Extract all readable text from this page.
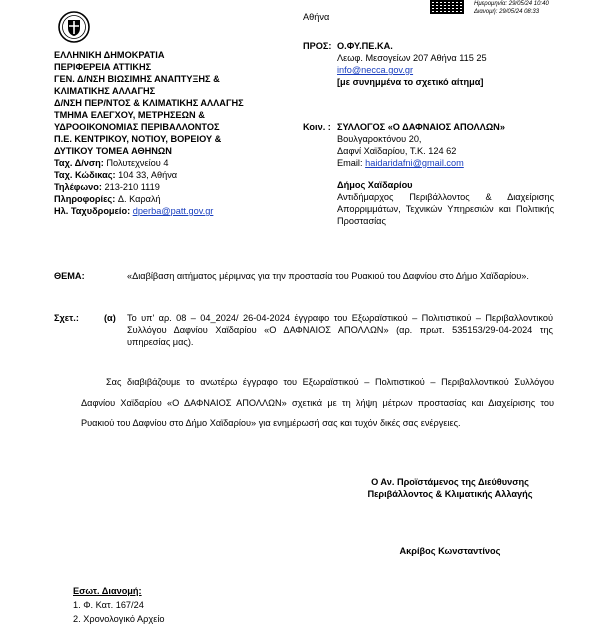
Ημερομηνία: 29/05/24 10:40
Διανομή: 29/05/24 08:33
Αθήνα
ΕΛΛΗΝΙΚΗ ΔΗΜΟΚΡΑΤΙΑ
ΠΕΡΙΦΕΡΕΙΑ ΑΤΤΙΚΗΣ
ΓΕΝ. Δ/ΝΣΗ ΒΙΩΣΙΜΗΣ ΑΝΑΠΤΥΞΗΣ &
ΚΛΙΜΑΤΙΚΗΣ ΑΛΛΑΓΗΣ
Δ/ΝΣΗ ΠΕΡ/ΝΤΟΣ & ΚΛΙΜΑΤΙΚΗΣ ΑΛΛΑΓΗΣ
ΤΜΗΜΑ ΕΛΕΓΧΟΥ, ΜΕΤΡΗΣΕΩΝ &
ΥΔΡΟΟΙΚΟΝΟΜΙΑΣ ΠΕΡΙΒΑΛΛΟΝΤΟΣ
Π.Ε. ΚΕΝΤΡΙΚΟΥ, ΝΟΤΙΟΥ, ΒΟΡΕΙΟΥ &
ΔΥΤΙΚΟΥ ΤΟΜΕΑ ΑΘΗΝΩΝ
Ταχ. Δ/νση: Πολυτεχνείου 4
Ταχ. Κώδικας: 104 33, Αθήνα
Τηλέφωνο: 213-210 1119
Πληροφορίες: Δ. Καραλή
Ηλ. Ταχυδρομείο: dperba@patt.gov.gr
ΠΡΟΣ: Ο.ΦΥ.ΠΕ.ΚΑ.
Λεωφ. Μεσογείων 207 Αθήνα 115 25
info@necca.gov.gr
[με συνημμένα το σχετικό αίτημα]
Κοιν. : ΣΥΛΛΟΓΟΣ «Ο ΔΑΦΝΑΙΟΣ ΑΠΟΛΛΩΝ»
Βουλγαροκτόνου 20,
Δαφνί Χαϊδαρίου, Τ.Κ. 124 62
Email: haidaridafni@gmail.com
Δήμος Χαϊδαρίου
Αντιδήμαρχος Περιβάλλοντος & Διαχείρισης Απορριμμάτων, Τεχνικών Υπηρεσιών και Πολιτικής Προστασίας
ΘΕΜΑ:	«Διαβίβαση αιτήματος μέριμνας για την προστασία του Ρυακιού του Δαφνίου στο Δήμο Χαϊδαρίου».
Σχετ.:	(α) Το υπ' αρ. 08 – 04_2024/ 26-04-2024 έγγραφο του Εξωραϊστικού – Πολιτιστικού – Περιβαλλοντικού Συλλόγου Δαφνίου Χαϊδαρίου «Ο ΔΑΦΝΑΙΟΣ ΑΠΟΛΛΩΝ» (αρ. πρωτ. 535153/29-04-2024 της υπηρεσίας μας).
Σας διαβιβάζουμε το ανωτέρω έγγραφο του Εξωραϊστικού – Πολιτιστικού – Περιβαλλοντικού Συλλόγου Δαφνίου Χαϊδαρίου «Ο ΔΑΦΝΑΙΟΣ ΑΠΟΛΛΩΝ» σχετικά με τη λήψη μέτρων προστασίας και Διαχείρισης του Ρυακιού του Δαφνίου στο Δήμο Χαϊδαρίου» για ενημέρωσή σας και τυχόν δικές σας ενέργειες.
Ο Αν. Προϊστάμενος της Διεύθυνσης
Περιβάλλοντος & Κλιματικής Αλλαγής
Ακρίβος Κωνσταντίνος
Εσωτ. Διανομή:
1. Φ. Κατ. 167/24
2. Χρονολογικό Αρχείο
